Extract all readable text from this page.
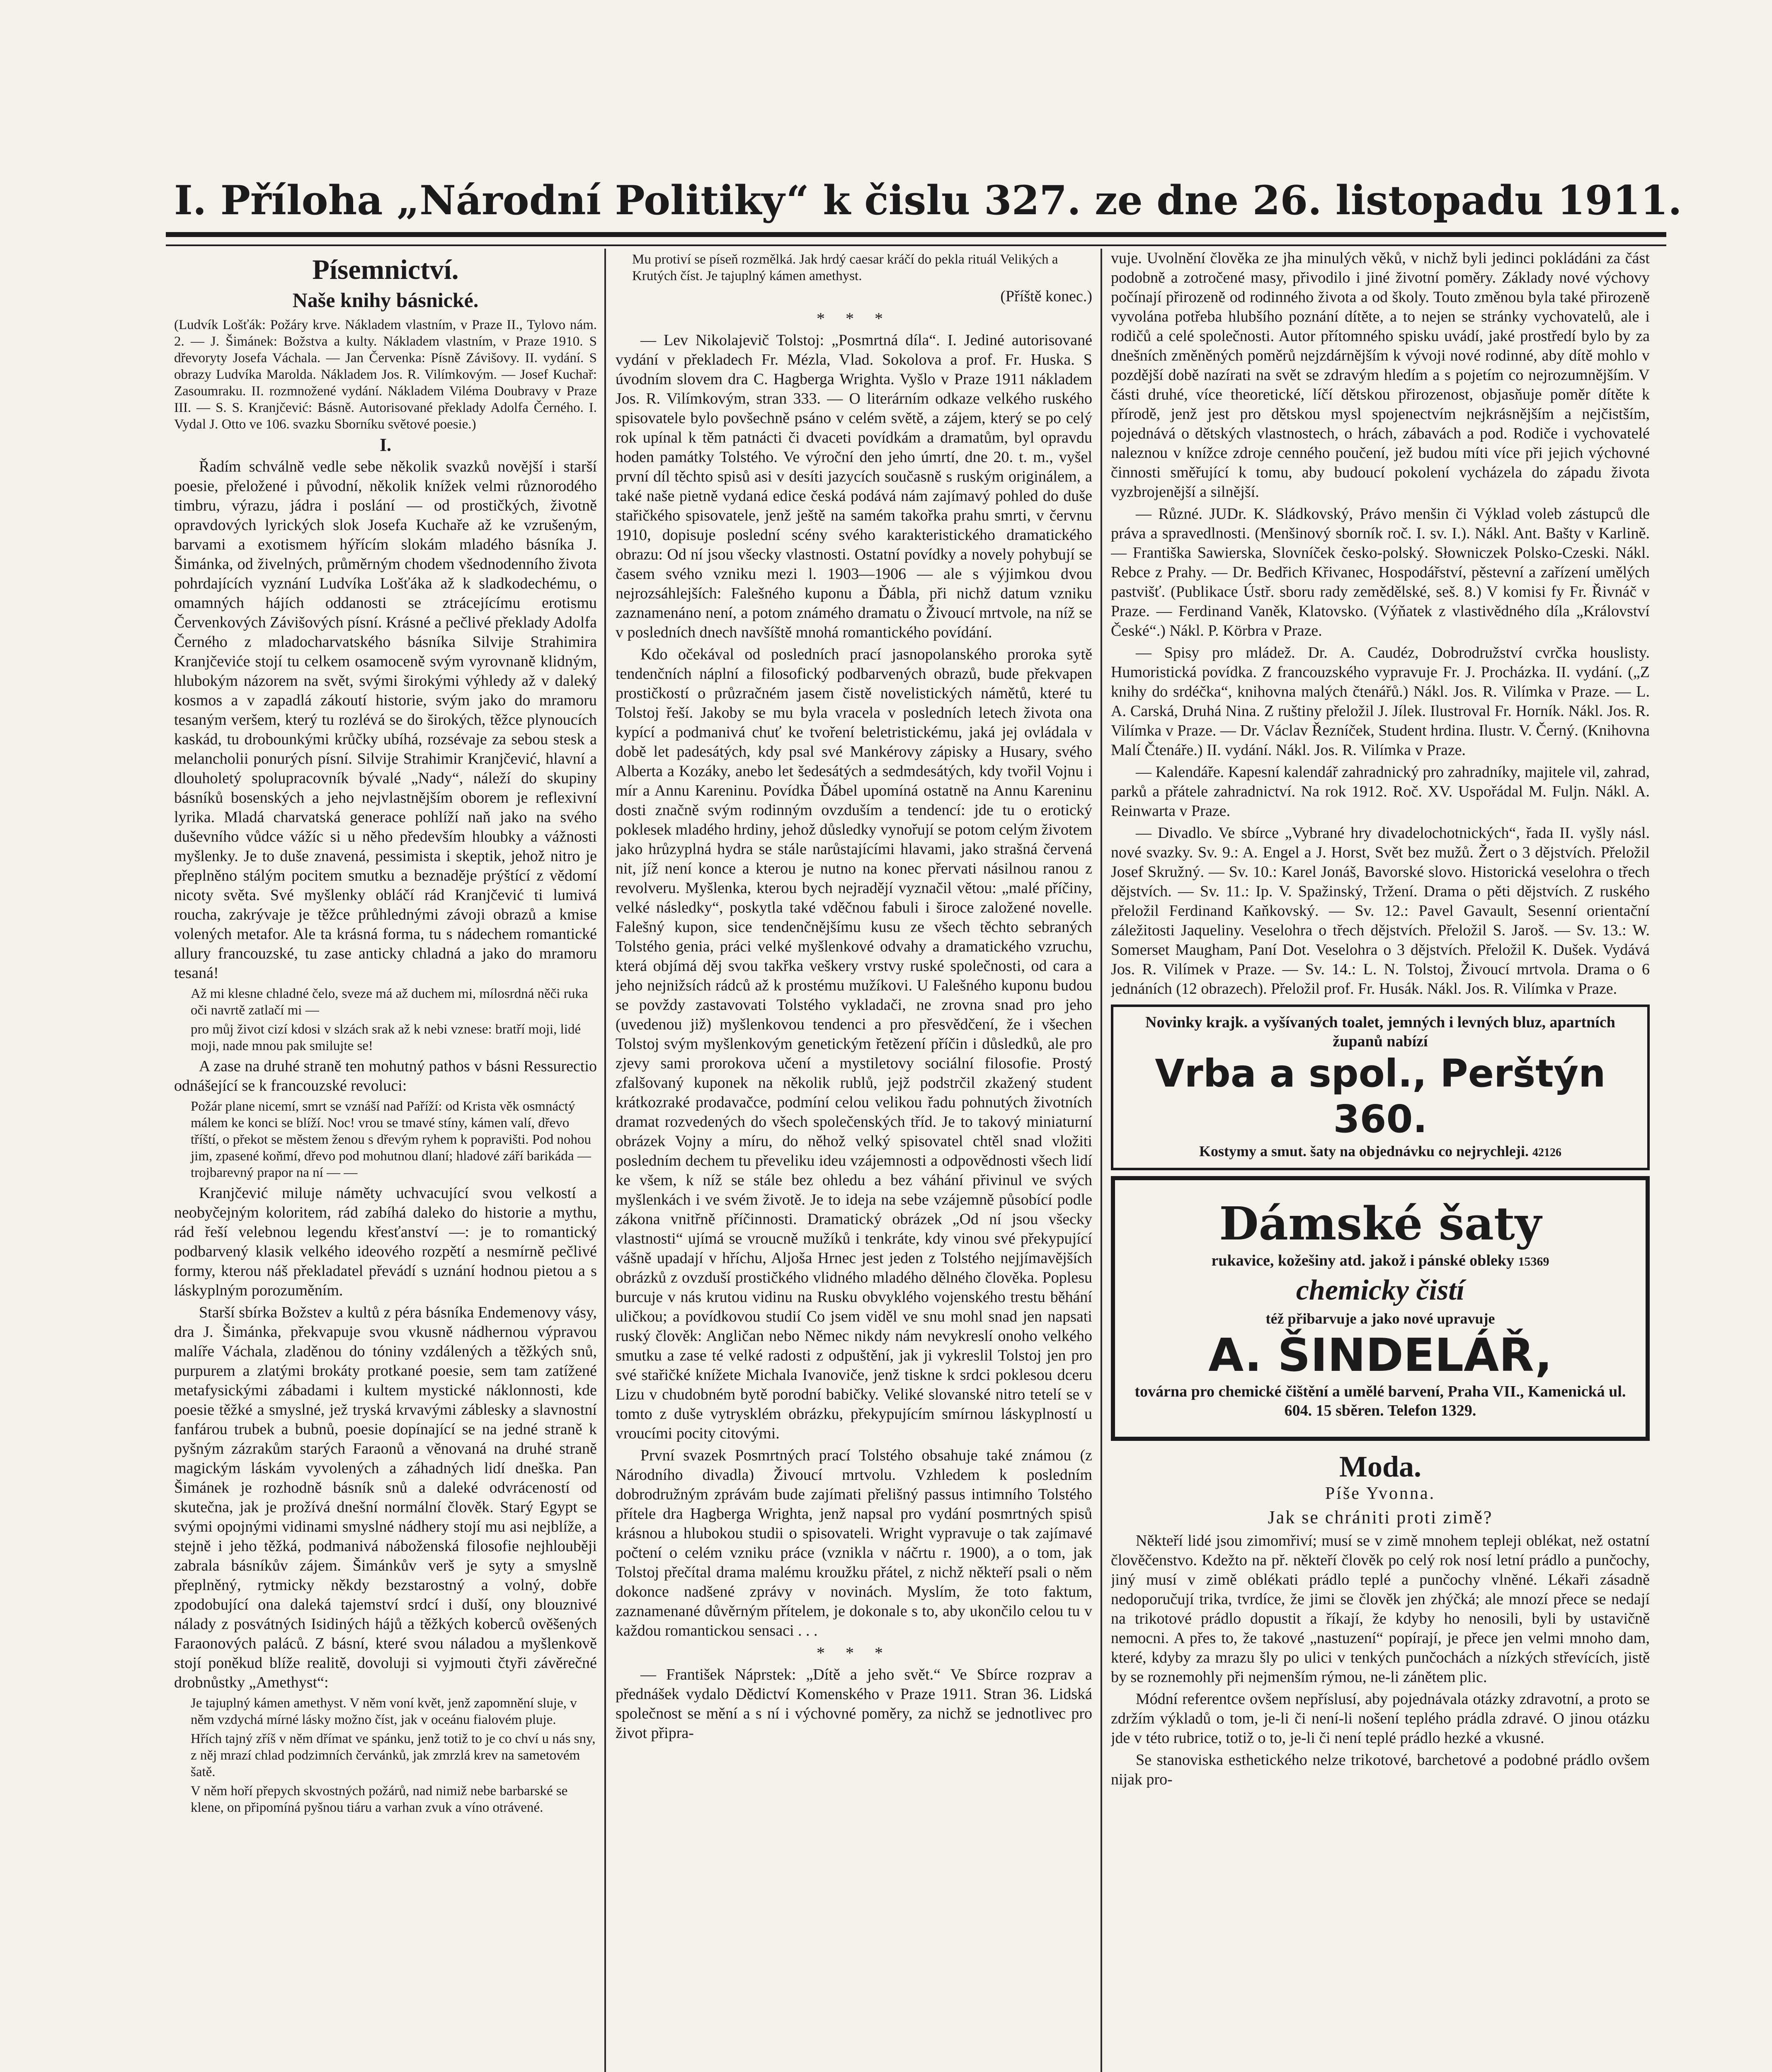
I. Příloha „Národní Politiky“ k čislu 327. ze dne 26. listopadu 1911.
Písemnictví.
Naše knihy básnické.

(Ludvík Lošťák: Požáry krve. Nákladem vlastním, v Praze II., Tylovo nám. 2. — J. Šimánek: Božstva a kulty. Nákladem vlastním, v Praze 1910. S dřevoryty Josefa Váchala. — Jan Červenka: Písně Závišovy. II. vydání. S obrazy Ludvíka Marolda. Nákladem Jos. R. Vilímkovým. — Josef Kuchař: Zasoumraku. II. rozmnožené vydání. Nákladem Viléma Doubravy v Praze III. — S. S. Kranjčević: Básně. Autorisované překlady Adolfa Černého. I. Vydal J. Otto ve 106. svazku Sborníku světové poesie.)

I.

Řadím schválně vedle sebe několik svazků novější i starší poesie, přeložené i původní, několik knížek velmi různorodého timbru, výrazu, jádra i poslání — od prostičkých, životně opravdových lyrických slok Josefa Kuchaře až ke vzrušeným, barvami a exotismem hýřícím slokám mladého básníka J. Šimánka, od živelných, průměrným chodem všednodenního života pohrdajících vyznání Ludvíka Lošťáka až k sladkodechému, o omamných hájích oddanosti se ztrácejícímu erotismu Červenkových Závišových písní. Krásné a pečlivé překlady Adolfa Černého z mladocharvatského básníka Silvije Strahimira Kranjčeviće stojí tu celkem osamoceně svým vyrovnaně klidným, hlubokým názorem na svět, svými širokými výhledy až v daleký kosmos a v zapadlá zákoutí historie, svým jako do mramoru tesaným veršem, který tu rozlévá se do širokých, těžce plynoucích kaskád, tu drobounkými krůčky ubíhá, rozsévaje za sebou stesk a melancholii ponurých písní. Silvije Strahimir Kranjčević, hlavní a dlouholetý spolupracovník bývalé „Nady“, náleží do skupiny básníků bosenských a jeho nejvlastnějším oborem je reflexivní lyrika. Mladá charvatská generace pohlíží naň jako na svého duševního vůdce vážíc si u něho především hloubky a vážnosti myšlenky. Je to duše znavená, pessimista i skeptik, jehož nitro je přeplněno stálým pocitem smutku a beznaděje prýštící z vědomí nicoty světa. Své myšlenky obláčí rád Kranjčević ti lumivá roucha, zakrývaje je těžce průhlednými závoji obrazů a kmise volených metafor. Ale ta krásná forma, tu s nádechem romantické allury francouzské, tu zase anticky chladná a jako do mramoru tesaná!

Až mi klesne chladné čelo, sveze má až duchem mi, mílosrdná něči ruka oči navrtě zatlačí mi —
pro můj život cizí kdosi v slzách srak až k nebi vznese: bratří moji, lidé moji, nade mnou pak smilujte se!

A zase na druhé straně ten mohutný pathos v básni Ressurectio odnášející se k francouzské revoluci:

Požár plane nicemí, smrt se vznáší nad Paříží: od Krista věk osmnáctý málem ke konci se blíží. Noc! vrou se tmavé stíny, kámen valí, dřevo tříští, o překot se městem ženou s dřevým ryhem k popravišti. Pod nohou jim, zpasené koňmí, dřevo pod mohutnou dlaní; hladové září barikáda — trojbarevný prapor na ní — —

Kranjčević miluje náměty uchvacující svou velkostí a neobyčejným koloritem, rád zabíhá daleko do historie a mythu, rád řeší velebnou legendu křesťanství —: je to romantický podbarvený klasik velkého ideového rozpětí a nesmírně pečlivé formy, kterou náš překladatel převádí s uznání hodnou pietou a s láskyplným porozuměním.

Starší sbírka Božstev a kultů z péra básníka Endemenovy vásy, dra J. Šimánka, překvapuje svou vkusně nádhernou výpravou malíře Váchala, zladěnou do tóniny vzdálených a těžkých snů, purpurem a zlatými brokáty protkané poesie, sem tam zatížené metafysickými zábadami i kultem mystické náklonnosti, kde poesie těžké a smyslné, jež tryská krvavými záblesky a slavnostní fanfárou trubek a bubnů, poesie dopínající se na jedné straně k pyšným zázrakům starých Faraonů a věnovaná na druhé straně magickým láskám vyvolených a záhadných lidí dneška. Pan Šimánek je rozhodně básník snů a daleké odvráceností od skutečna, jak je prožívá dnešní normální člověk. Starý Egypt se svými opojnými vidinami smyslné nádhery stojí mu asi nejblíže, a stejně i jeho těžká, podmanivá náboženská filosofie nejhlouběji zabrala básníkův zájem. Šimánkův verš je syty a smyslně přeplněný, rytmicky někdy bezstarostný a volný, dobře zpodobující ona daleká tajemství srdcí i duší, ony blouznivé nálady z posvátných Isidiných hájů a těžkých koberců ověšených Faraonových paláců. Z básní, které svou náladou a myšlenkově stojí poněkud blíže realitě, dovoluji si vyjmouti čtyři závěrečné drobnůstky „Amethyst“:

Je tajuplný kámen amethyst. V něm voní květ, jenž zapomnění sluje, v něm vzdychá mírné lásky možno číst, jak v oceánu fialovém pluje.
Hřích tajný zříš v něm dřímat ve spánku, jenž totiž to je co chví u nás sny, z něj mrazí chlad podzimních červánků, jak zmrzlá krev na sametovém šatě.
V něm hoří přepych skvostných požárů, nad nimiž nebe barbarské se klene, on připomíná pyšnou tiáru a varhan zvuk a víno otrávené.
Mu protiví se píseň rozmělká. Jak hrdý caesar kráčí do pekla rituál Velikých a Krutých číst. Je tajuplný kámen amethyst.
(Příště konec.)
* * *

— Lev Nikolajevič Tolstoj: „Posmrtná díla“. I. Jediné autorisované vydání v překladech Fr. Mézla, Vlad. Sokolova a prof. Fr. Huska. S úvodním slovem dra C. Hagberga Wrighta. Vyšlo v Praze 1911 nákladem Jos. R. Vilímkovým, stran 333. — O literárním odkaze velkého ruského spisovatele bylo povšechně psáno v celém světě, a zájem, který se po celý rok upínal k těm patnácti či dvaceti povídkám a dramatům, byl opravdu hoden památky Tolstého. Ve výroční den jeho úmrtí, dne 20. t. m., vyšel první díl těchto spisů asi v desíti jazycích současně s ruským originálem, a také naše pietně vydaná edice česká podává nám zajímavý pohled do duše stařičkého spisovatele, jenž ještě na samém takořka prahu smrti, v červnu 1910, dopisuje poslední scény svého karakteristického dramatického obrazu: Od ní jsou všecky vlastnosti. Ostatní povídky a novely pohybují se časem svého vzniku mezi l. 1903—1906 — ale s výjimkou dvou nejrozsáhlejších: Falešného kuponu a Ďábla, při nichž datum vzniku zaznamenáno není, a potom známého dramatu o Živoucí mrtvole, na níž se v posledních dnech navšíště mnohá romantického povídání.

Kdo očekával od posledních prací jasnopolanského proroka sytě tendenčních náplní a filosofický podbarvených obrazů, bude překvapen prostičkostí o průzračném jasem čistě novelistických námětů, které tu Tolstoj řeší. Jakoby se mu byla vracela v posledních letech života ona kypící a podmanivá chuť ke tvoření beletristickému, jaká jej ovládala v době let padesátých, kdy psal své Mankérovy zápisky a Husary, svého Alberta a Kozáky, anebo let šedesátých a sedmdesátých, kdy tvořil Vojnu i mír a Annu Kareninu. Povídka Ďábel upomíná ostatně na Annu Kareninu dosti značně svým rodinným ovzduším a tendencí: jde tu o erotický poklesek mladého hrdiny, jehož důsledky vynořují se potom celým životem jako hrůzyplná hydra se stále narůstajícími hlavami, jako strašná červená nit, jíž není konce a kterou je nutno na konec přervati násilnou ranou z revolveru. Myšlenka, kterou bych nejradějí vyznačil větou: „malé příčiny, velké následky“, poskytla také vděčnou fabuli i široce založené novelle. Falešný kupon, sice tendenčnějšímu kusu ze všech těchto sebraných Tolstého genia, práci velké myšlenkové odvahy a dramatického vzruchu, která objímá děj svou takřka veškery vrstvy ruské společnosti, od cara a jeho nejnižsích rádců až k prostému mužíkovi. U Falešného kuponu budou se povždy zastavovati Tolstého vykladači, ne zrovna snad pro jeho (uvedenou již) myšlenkovou tendenci a pro přesvědčení, že i všechen Tolstoj svým myšlenkovým genetickým řetězení příčin i důsledků, ale pro zjevy sami prorokova učení a mystiletovy sociální filosofie. Prostý zfalšovaný kuponek na několik rublů, jejž podstrčil zkažený student krátkozraké prodavačce, podmíní celou velikou řadu pohnutých životních dramat rozvedených do všech společenských tříd. Je to takový miniaturní obrázek Vojny a míru, do něhož velký spisovatel chtěl snad vložiti posledním dechem tu převeliku ideu vzájemnosti a odpovědnosti všech lidí ke všem, k níž se stále bez ohledu a bez váhání přivinul ve svých myšlenkách i ve svém životě. Je to ideja na sebe vzájemně působící podle zákona vnitřně příčinnosti. Dramatický obrázek „Od ní jsou všecky vlastnosti“ ujímá se vroucně mužíků i tenkráte, kdy vinou své překypující vášně upadají v hříchu, Aljoša Hrnec jest jeden z Tolstého nejjímavějších obrázků z ovzduší prostičkého vlidného mladého dělného člověka. Poplesu burcuje v nás krutou vidinu na Rusku obvyklého vojenského trestu běhání uličkou; a povídkovou studií Co jsem viděl ve snu mohl snad jen napsati ruský člověk: Angličan nebo Němec nikdy nám nevykreslí onoho velkého smutku a zase té velké radosti z odpuštění, jak ji vykreslil Tolstoj jen pro své stařičké knížete Michala Ivanoviče, jenž tiskne k srdci poklesou dceru Lizu v chudobném bytě porodní babičky. Veliké slovanské nitro tetelí se v tomto z duše vytrysklém obrázku, překypujícím smírnou láskyplností u vroucími pocity citovými.

První svazek Posmrtných prací Tolstého obsahuje také známou (z Národního divadla) Živoucí mrtvolu. Vzhledem k posledním dobrodružným zprávám bude zajímati přelišný passus intimního Tolstého přítele dra Hagberga Wrighta, jenž napsal pro vydání posmrtných spisů krásnou a hlubokou studii o spisovateli. Wright vypravuje o tak zajímavé počtení o celém vzniku práce (vznikla v náčrtu r. 1900), a o tom, jak Tolstoj přečítal drama malému kroužku přátel, z nichž někteří psali o něm dokonce nadšené zprávy v novinách. Myslím, že toto faktum, zaznamenané důvěrným přítelem, je dokonale s to, aby ukončilo celou tu v každou romantickou sensaci . . .

* * *

— František Náprstek: „Dítě a jeho svět.“ Ve Sbírce rozprav a přednášek vydalo Dědictví Komenského v Praze 1911. Stran 36. Lidská společnost se mění a s ní i výchovné poměry, za nichž se jednotlivec pro život připra-

vuje. Uvolnění člověka ze jha minulých věků, v nichž byli jedinci pokládáni za část podobně a zotročené masy, přivodilo i jiné životní poměry. Základy nové výchovy počínají přirozeně od rodinného života a od školy. Touto změnou byla také přirozeně vyvolána potřeba hlubšího poznání dítěte, a to nejen se stránky vychovatelů, ale i rodičů a celé společnosti. Autor přítomného spisku uvádí, jaké prostředí bylo by za dnešních změněných poměrů nejzdárnějším k vývoji nové rodinné, aby dítě mohlo v pozdější době nazírati na svět se zdravým hledím a s pojetím co nejrozumnějším. V části druhé, více theoretické, líčí dětskou přirozenost, objasňuje poměr dítěte k přírodě, jenž jest pro dětskou mysl spojenectvím nejkrásnějším a nejčistším, pojednává o dětských vlastnostech, o hrách, zábavách a pod. Rodiče i vychovatelé naleznou v knížce zdroje cenného poučení, jež budou míti více při jejich výchovné činnosti směřující k tomu, aby budoucí pokolení vycházela do západu života vyzbrojenější a silnější.

— Různé. JUDr. K. Sládkovský, Právo menšin či Výklad voleb zástupců dle práva a spravedlnosti. (Menšinový sborník roč. I. sv. I.). Nákl. Ant. Bašty v Karlině. — Františka Sawierska, Slovníček česko-polský. Słowniczek Polsko-Czeski. Nákl. Rebce z Prahy. — Dr. Bedřich Křivanec, Hospodářství, pěstevní a zařízení umělých pastvišť. (Publikace Ústř. sboru rady zemědělské, seš. 8.) V komisi fy Fr. Řivnáč v Praze. — Ferdinand Vaněk, Klatovsko. (Výňatek z vlastivědného díla „Království České“.) Nákl. P. Körbra v Praze.

— Spisy pro mládež. Dr. A. Caudéz, Dobrodružství cvrčka houslisty. Humoristická povídka. Z francouzského vypravuje Fr. J. Procházka. II. vydání. („Z knihy do srdéčka“, knihovna malých čtenářů.) Nákl. Jos. R. Vilímka v Praze. — L. A. Carská, Druhá Nina. Z ruštiny přeložil J. Jílek. Ilustroval Fr. Horník. Nákl. Jos. R. Vilímka v Praze. — Dr. Václav Řezníček, Student hrdina. Ilustr. V. Černý. (Knihovna Malí Čtenáře.) II. vydání. Nákl. Jos. R. Vilímka v Praze.

— Kalendáře. Kapesní kalendář zahradnický pro zahradníky, majitele vil, zahrad, parků a přátele zahradnictví. Na rok 1912. Roč. XV. Uspořádal M. Fuljn. Nákl. A. Reinwarta v Praze.

— Divadlo. Ve sbírce „Vybrané hry divadelochotnických“, řada II. vyšly násl. nové svazky. Sv. 9.: A. Engel a J. Horst, Svět bez mužů. Žert o 3 dějstvích. Přeložil Josef Skružný. — Sv. 10.: Karel Jonáš, Bavorské slovo. Historická veselohra o třech dějstvích. — Sv. 11.: Ip. V. Spažinský, Tržení. Drama o pěti dějstvích. Z ruského přeložil Ferdinand Kaňkovský. — Sv. 12.: Pavel Gavault, Sesenní orientační záležitosti Jaqueliny. Veselohra o třech dějstvích. Přeložil S. Jaroš. — Sv. 13.: W. Somerset Maugham, Paní Dot. Veselohra o 3 dějstvích. Přeložil K. Dušek. Vydává Jos. R. Vilímek v Praze. — Sv. 14.: L. N. Tolstoj, Živoucí mrtvola. Drama o 6 jednáních (12 obrazech). Přeložil prof. Fr. Husák. Nákl. Jos. R. Vilímka v Praze.

Novinky krajk. a vyšívaných toalet, jemných i levných bluz, apartních županů nabízí
Vrba a spol., Perštýn 360.
Kostymy a smut. šaty na objednávku co nejrychleji. 42126
Dámské šaty
rukavice, kožešiny atd. jakož i pánské obleky 15369
chemicky čistí
též přibarvuje a jako nové upravuje
A. ŠINDELÁŘ,
továrna pro chemické čištění a umělé barvení, Praha VII., Kamenická ul. 604. 15 sběren. Telefon 1329.
Moda.
Píše Yvonna.
Jak se chrániti proti zimě?

Někteří lidé jsou zimomřiví; musí se v zimě mnohem tepleji oblékat, než ostatní člověčenstvo. Kdežto na př. někteří člověk po celý rok nosí letní prádlo a punčochy, jiný musí v zimě oblékati prádlo teplé a punčochy vlněné. Lékaři zásadně nedoporučují trika, tvrdíce, že jimi se člověk jen zhýčká; ale mnozí přece se nedají na trikotové prádlo dopustit a říkají, že kdyby ho nenosili, byli by ustavičně nemocni. A přes to, že takové „nastuzení“ popírají, je přece jen velmi mnoho dam, které, kdyby za mrazu šly po ulici v tenkých punčochách a nízkých střevících, jistě by se roznemohly při nejmenším rýmou, ne-li zánětem plic.

Módní referentce ovšem nepříslusí, aby pojednávala otázky zdravotní, a proto se zdržím výkladů o tom, je-li či není-li nošení teplého prádla zdravé. O jinou otázku jde v této rubrice, totiž o to, je-li či není teplé prádlo hezké a vkusné.

Se stanoviska esthetického nelze trikotové, barchetové a podobné prádlo ovšem nijak pro-
